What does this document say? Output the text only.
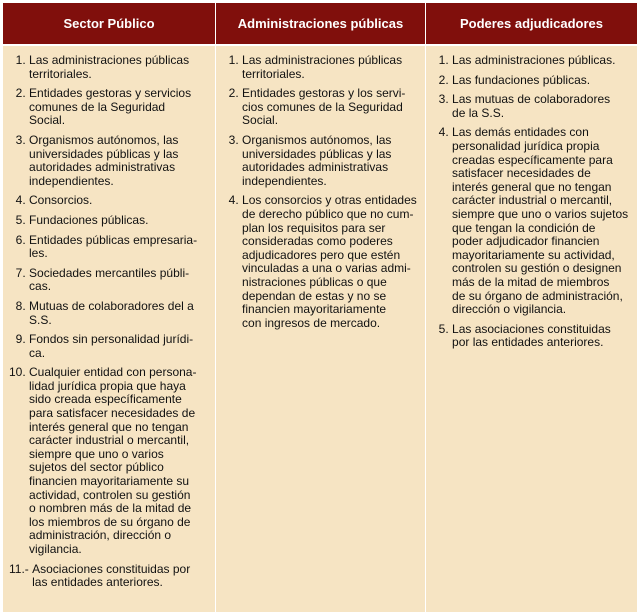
Sector Público
1. Las administraciones públicas
territoriales.
2. Entidades gestoras y servicios
comunes de la Seguridad
Social.
3. Organismos autónomos, las
universidades públicas y las
autoridades administrativas
independientes.
4. Consorcios.
5. Fundaciones públicas.
6. Entidades públicas empresaria-
les.
7. Sociedades mercantiles públi-
cas.
8. Mutuas de colaboradores del a
S.S.
9. Fondos sin personalidad jurídi-
ca.
10. Cualquier entidad con persona-
lidad jurídica propia que haya
sido creada específicamente
para satisfacer necesidades de
interés general que no tengan
carácter industrial o mercantil,
siempre que uno o varios
sujetos del sector público
financien mayoritariamente su
actividad, controlen su gestión
o nombren más de la mitad de
los miembros de su órgano de
administración, dirección o
vigilancia.
11.- Asociaciones constituidas por
las entidades anteriores.
Administraciones públicas
1. Las administraciones públicas
territoriales.
2. Entidades gestoras y los servi-
cios comunes de la Seguridad
Social.
3. Organismos autónomos, las
universidades públicas y las
autoridades administrativas
independientes.
4. Los consorcios y otras entidades
de derecho público que no cum-
plan los requisitos para ser
consideradas como poderes
adjudicadores pero que estén
vinculadas a una o varias admi-
nistraciones públicas o que
dependan de estas y no se
financien mayoritariamente
con ingresos de mercado.
Poderes adjudicadores
1. Las administraciones públicas.
2. Las fundaciones públicas.
3. Las mutuas de colaboradores
de la S.S.
4. Las demás entidades con
personalidad jurídica propia
creadas específicamente para
satisfacer necesidades de
interés general que no tengan
carácter industrial o mercantil,
siempre que uno o varios sujetos
que tengan la condición de
poder adjudicador financien
mayoritariamente su actividad,
controlen su gestión o designen
más de la mitad de miembros
de su órgano de administración,
dirección o vigilancia.
5. Las asociaciones constituidas
por las entidades anteriores.
